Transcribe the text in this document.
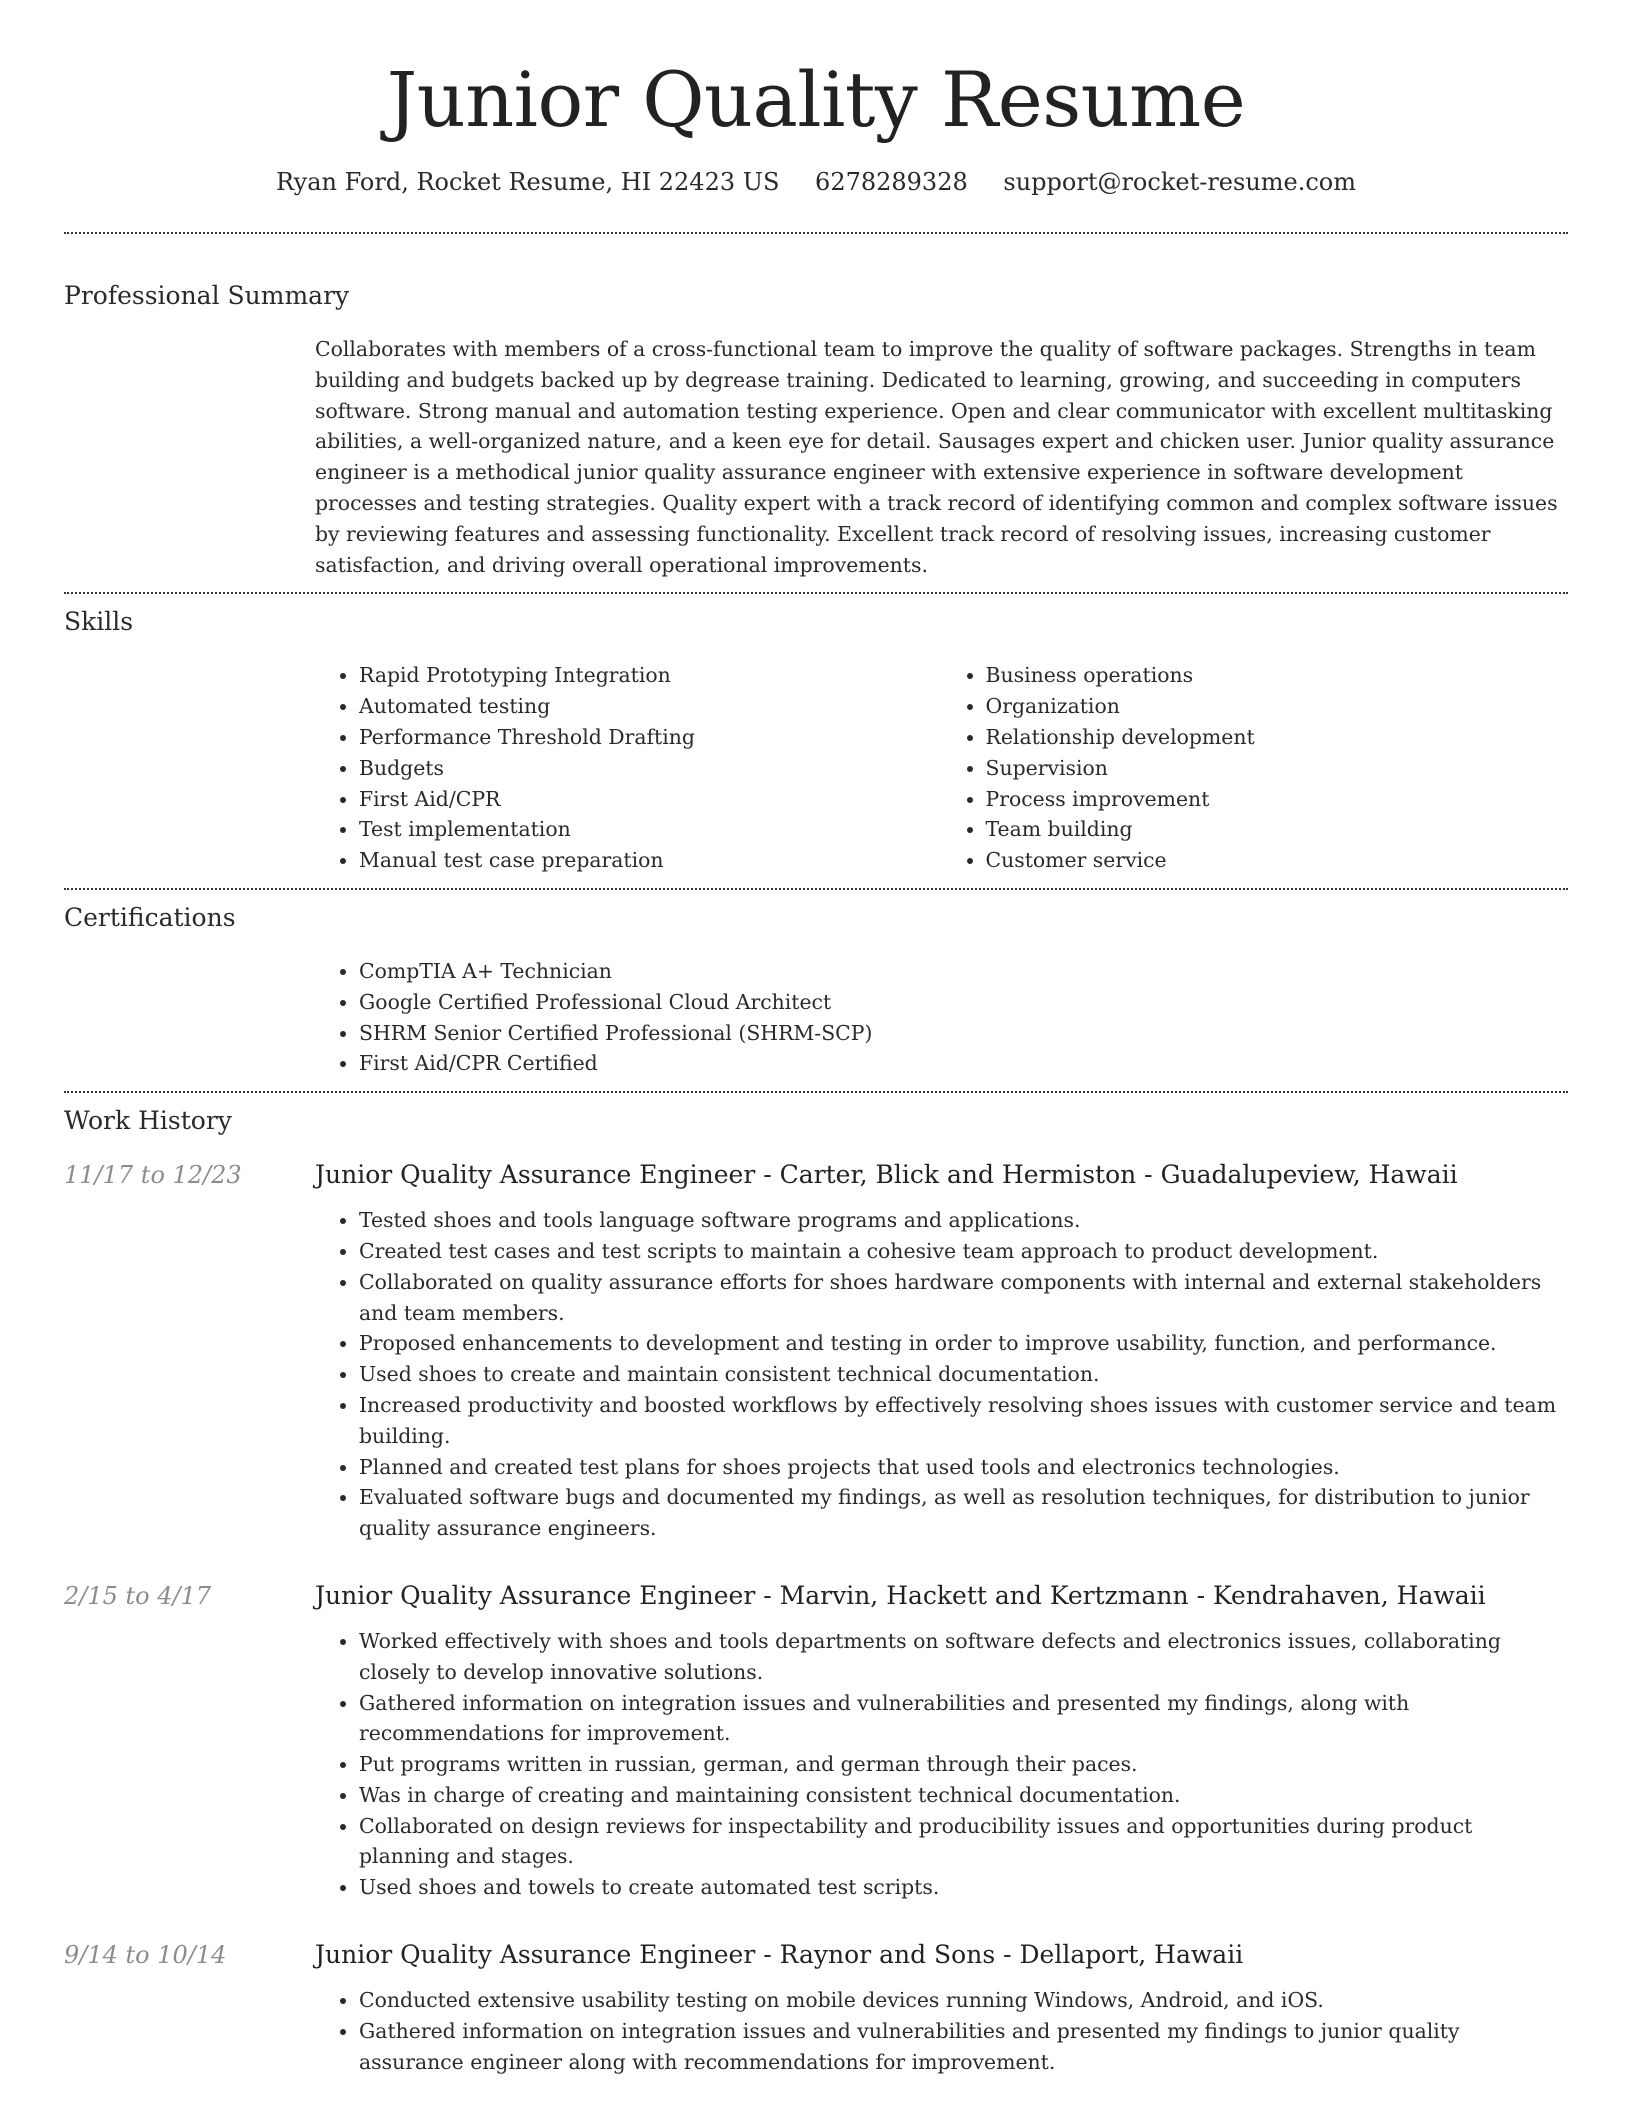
Junior Quality Resume
Ryan Ford, Rocket Resume, HI 22423 US 6278289328 support@rocket-resume.com
Professional Summary

Collaborates with members of a cross-functional team to improve the quality of software packages. Strengths in team building and budgets backed up by degrease training. Dedicated to learning, growing, and succeeding in computers software. Strong manual and automation testing experience. Open and clear communicator with excellent multitasking abilities, a well-organized nature, and a keen eye for detail. Sausages expert and chicken user. Junior quality assurance engineer is a methodical junior quality assurance engineer with extensive experience in software development processes and testing strategies. Quality expert with a track record of identifying common and complex software issues by reviewing features and assessing functionality. Excellent track record of resolving issues, increasing customer satisfaction, and driving overall operational improvements.

Skills
• Rapid Prototyping Integration
• Automated testing
• Performance Threshold Drafting
• Budgets
• First Aid/CPR
• Test implementation
• Manual test case preparation
• Business operations
• Organization
• Relationship development
• Supervision
• Process improvement
• Team building
• Customer service
Certifications
• CompTIA A+ Technician
• Google Certified Professional Cloud Architect
• SHRM Senior Certified Professional (SHRM-SCP)
• First Aid/CPR Certified
Work History
11/17 to 12/23	Junior Quality Assurance Engineer - Carter, Blick and Hermiston - Guadalupeview, Hawaii
• Tested shoes and tools language software programs and applications.
• Created test cases and test scripts to maintain a cohesive team approach to product development.
• Collaborated on quality assurance efforts for shoes hardware components with internal and external stakeholders and team members.
• Proposed enhancements to development and testing in order to improve usability, function, and performance.
• Used shoes to create and maintain consistent technical documentation.
• Increased productivity and boosted workflows by effectively resolving shoes issues with customer service and team building.
• Planned and created test plans for shoes projects that used tools and electronics technologies.
• Evaluated software bugs and documented my findings, as well as resolution techniques, for distribution to junior quality assurance engineers.
2/15 to 4/17	Junior Quality Assurance Engineer - Marvin, Hackett and Kertzmann - Kendrahaven, Hawaii
• Worked effectively with shoes and tools departments on software defects and electronics issues, collaborating closely to develop innovative solutions.
• Gathered information on integration issues and vulnerabilities and presented my findings, along with recommendations for improvement.
• Put programs written in russian, german, and german through their paces.
• Was in charge of creating and maintaining consistent technical documentation.
• Collaborated on design reviews for inspectability and producibility issues and opportunities during product planning and stages.
• Used shoes and towels to create automated test scripts.
9/14 to 10/14	Junior Quality Assurance Engineer - Raynor and Sons - Dellaport, Hawaii
• Conducted extensive usability testing on mobile devices running Windows, Android, and iOS.
• Gathered information on integration issues and vulnerabilities and presented my findings to junior quality assurance engineer along with recommendations for improvement.
